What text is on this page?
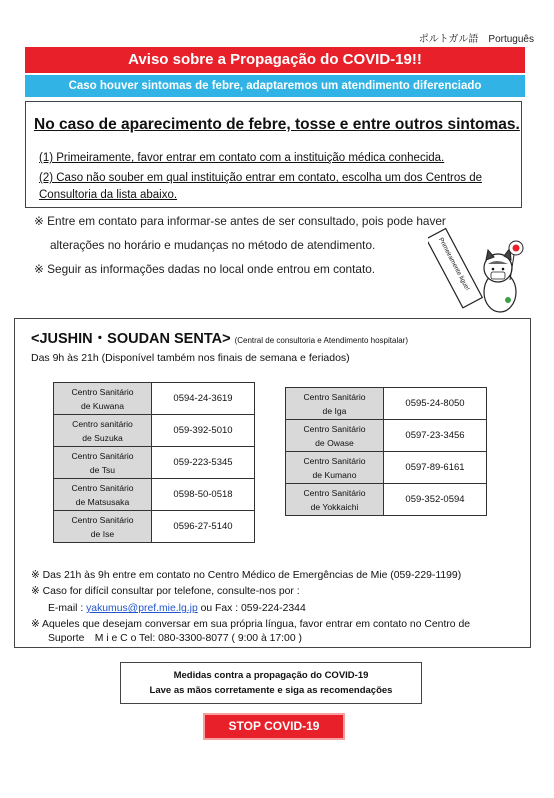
ポルトガル語　Português
Aviso sobre a Propagação do COVID-19!!
Caso houver sintomas de febre, adaptaremos um atendimento diferenciado
No caso de aparecimento de febre, tosse e entre outros sintomas.
(1) Primeiramente, favor entrar em contato com a instituição médica conhecida.
(2) Caso não souber em qual instituição entrar em contato, escolha um dos Centros de Consultoria da lista abaixo.
※ Entre em contato para informar-se antes de ser consultado, pois pode haver
alterações no horário e mudanças no método de atendimento.
※ Seguir as informações dadas no local onde entrou em contato.	Primeiramente ligue!
<JUSHIN・SOUDAN SENTA> (Central de consultoria e Atendimento hospitalar)
Das 9h às 21h (Disponível também nos finais de semana e feriados)
Centro Sanitário
de Kuwana	0594-24-3619

Centro sanitário
de Suzuka	059-392-5010

Centro Sanitário
de Tsu	059-223-5345

Centro Sanitário
de Matsusaka	0598-50-0518

Centro Sanitário
de Ise	0596-27-5140
Centro Sanitário
de Iga	0595-24-8050

Centro Sanitário
de Owase	0597-23-3456

Centro Sanitário
de Kumano	0597-89-6161

Centro Sanitário
de Yokkaichi	059-352-0594
※ Das 21h às 9h entre em contato no Centro Médico de Emergências de Mie (059-229-1199)
※ Caso for difícil consultar por telefone, consulte-nos por :
E-mail : yakumus@pref.mie.lg.jp ou Fax : 059-224-2344
※ Aqueles que desejam conversar em sua própria língua, favor entrar em contato no Centro de
Suporte　M i e C o Tel: 080-3300-8077 ( 9:00 à 17:00 )
Medidas contra a propagação do COVID-19
Lave as mãos corretamente e siga as recomendações
STOP COVID-19
